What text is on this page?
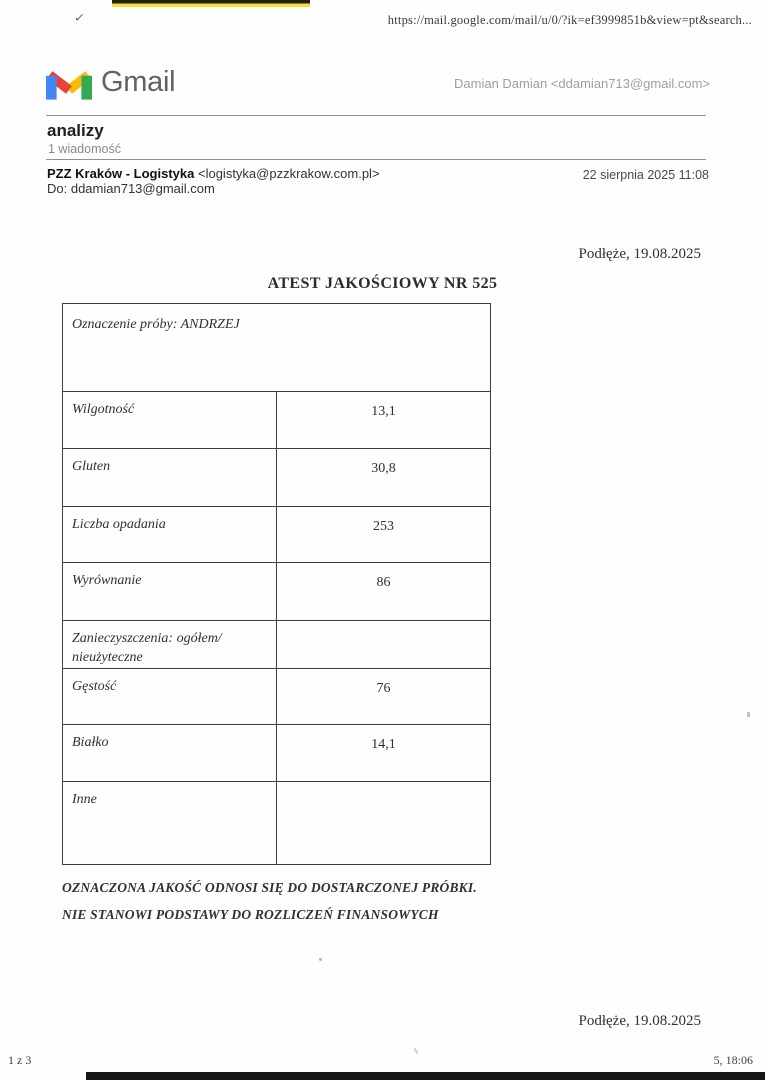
✓	https://mail.google.com/mail/u/0/?ik=ef3999851b&view=pt&search...
Gmail	Damian Damian <ddamian713@gmail.com>
analizy
1 wiadomość
PZZ Kraków - Logistyka <logistyka@pzzkrakow.com.pl>	22 sierpnia 2025 11:08
Do: ddamian713@gmail.com
Podłęże, 19.08.2025
ATEST JAKOŚCIOWY NR 525
Oznaczenie próby: ANDRZEJ	
Wilgotność	13,1
Gluten	30,8
Liczba opadania	253
Wyrównanie	86
Zanieczyszczenia: ogółem/ nieużyteczne	
Gęstość	76
Białko	14,1
Inne	
OZNACZONA JAKOŚĆ ODNOSI SIĘ DO DOSTARCZONEJ PRÓBKI.
NIE STANOWI PODSTAWY DO ROZLICZEŃ FINANSOWYCH
Podłęże, 19.08.2025
1 z 3	5, 18:06
